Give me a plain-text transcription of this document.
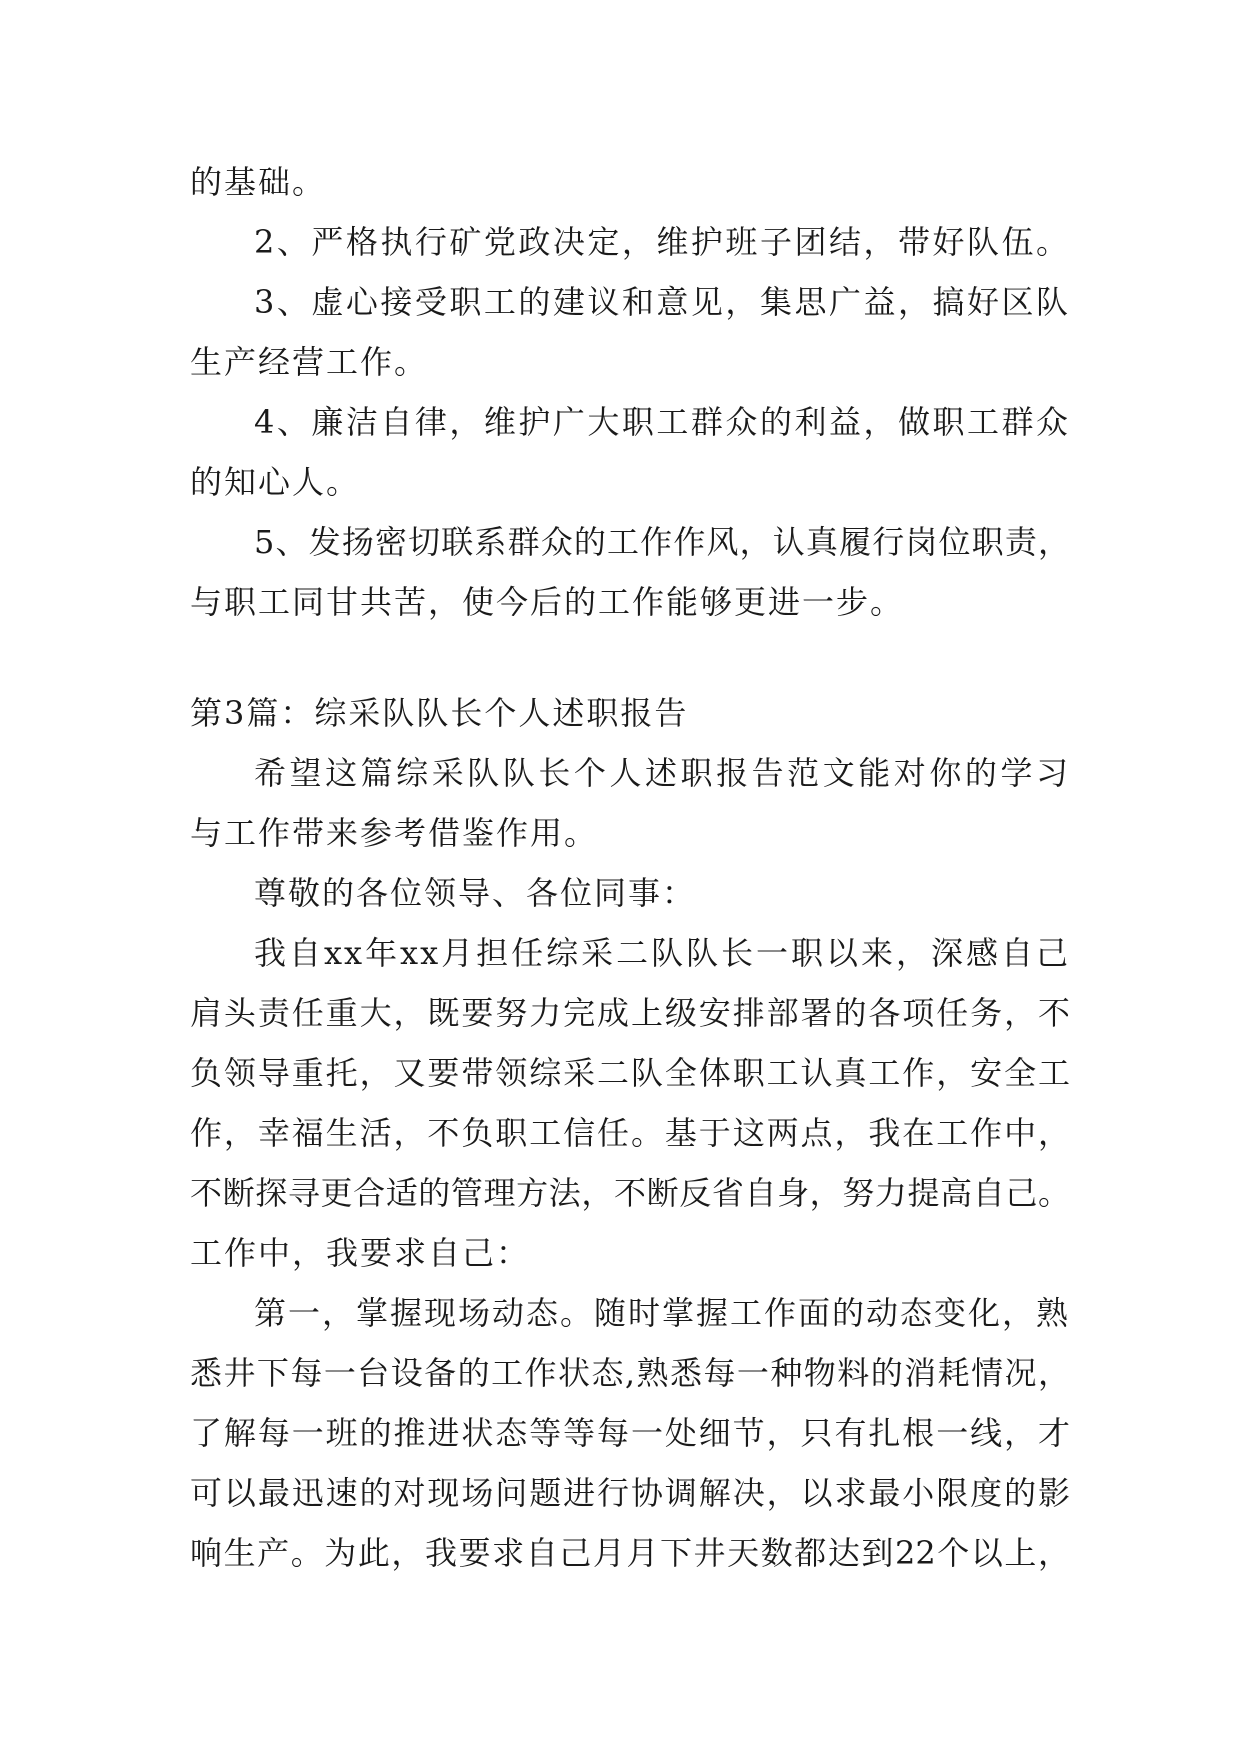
的基础。
2、严格执行矿党政决定，维护班子团结，带好队伍。
3、虚心接受职工的建议和意见，集思广益，搞好区队
生产经营工作。
4、廉洁自律，维护广大职工群众的利益，做职工群众
的知心人。
5、发扬密切联系群众的工作作风，认真履行岗位职责，
与职工同甘共苦，使今后的工作能够更进一步。
第3篇：综采队队长个人述职报告
希望这篇综采队队长个人述职报告范文能对你的学习
与工作带来参考借鉴作用。
尊敬的各位领导、各位同事：
我自xx年xx月担任综采二队队长一职以来，深感自己
肩头责任重大，既要努力完成上级安排部署的各项任务，不
负领导重托，又要带领综采二队全体职工认真工作，安全工
作，幸福生活，不负职工信任。基于这两点，我在工作中，
不断探寻更合适的管理方法，不断反省自身，努力提高自己。
工作中，我要求自己：
第一，掌握现场动态。随时掌握工作面的动态变化，熟
悉井下每一台设备的工作状态,熟悉每一种物料的消耗情况，
了解每一班的推进状态等等每一处细节，只有扎根一线，才
可以最迅速的对现场问题进行协调解决，以求最小限度的影
响生产。为此，我要求自己月月下井天数都达到22个以上，
